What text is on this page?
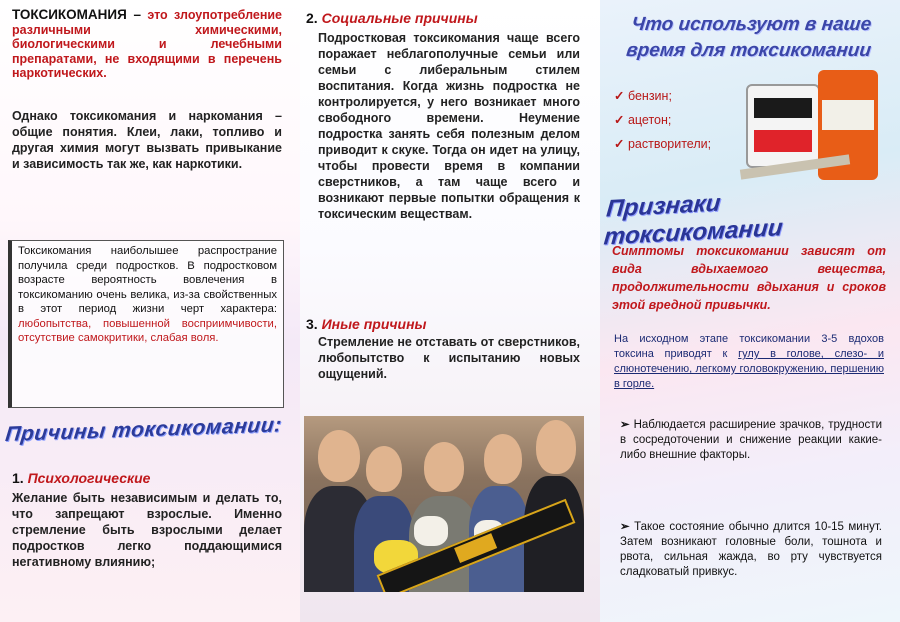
ТОКСИКОМАНИЯ – это злоупотребление различными химическими, биологическими и лечебными препаратами, не входящими в перечень наркотических.
Однако токсикомания и наркомания – общие понятия. Клеи, лаки, топливо и другая химия могут вызвать привыкание и зависимость так же, как наркотики.
Токсикомания наиболышее распространие получила среди подростков. В подростковом возрасте вероятность вовлечения в токсикоманию очень велика, из-за свойственных в этот период жизни черт характера: любопытства, повышенной восприимчивости, отсутствие самокритики, слабая воля.
Причины токсикомании:
1. Психологические
Желание быть независимым и делать то, что запрещают взрослые. Именно стремление быть взрослыми делает подростков легко поддающимися негативному влиянию;
2. Социальные причины
Подростковая токсикомания чаще всего поражает неблагополучные семьи или семьи с либеральным стилем воспитания. Когда жизнь подростка не контролируется, у него возникает много свободного времени. Неумение подростка занять себя полезным делом приводит к скуке. Тогда он идет на улицу, чтобы провести время в компании сверстников, а там чаще всего и возникают первые попытки обращения к токсическим веществам.
3. Иные причины
Стремление не отставать от сверстников, любопытство к испытанию новых ощущений.
Что используют в наше время для токсикомании
✓ бензин;
✓ ацетон;
✓ растворители;
Признаки токсикомании
Симптомы токсикомании зависят от вида вдыхаемого вещества, продолжительности вдыхания и сроков этой вредной привычки.
На исходном этапе токсикомании 3-5 вдохов токсина приводят к гулу в голове, слезо- и слюнотечению, легкому головокружению, першению в горле.
➢ Наблюдается расширение зрачков, трудности в сосредоточении и снижение реакции какие-либо внешние факторы.
➢ Такое состояние обычно длится 10-15 минут. Затем возникают головные боли, тошнота и рвота, сильная жажда, во рту чувствуется сладковатый привкус.
